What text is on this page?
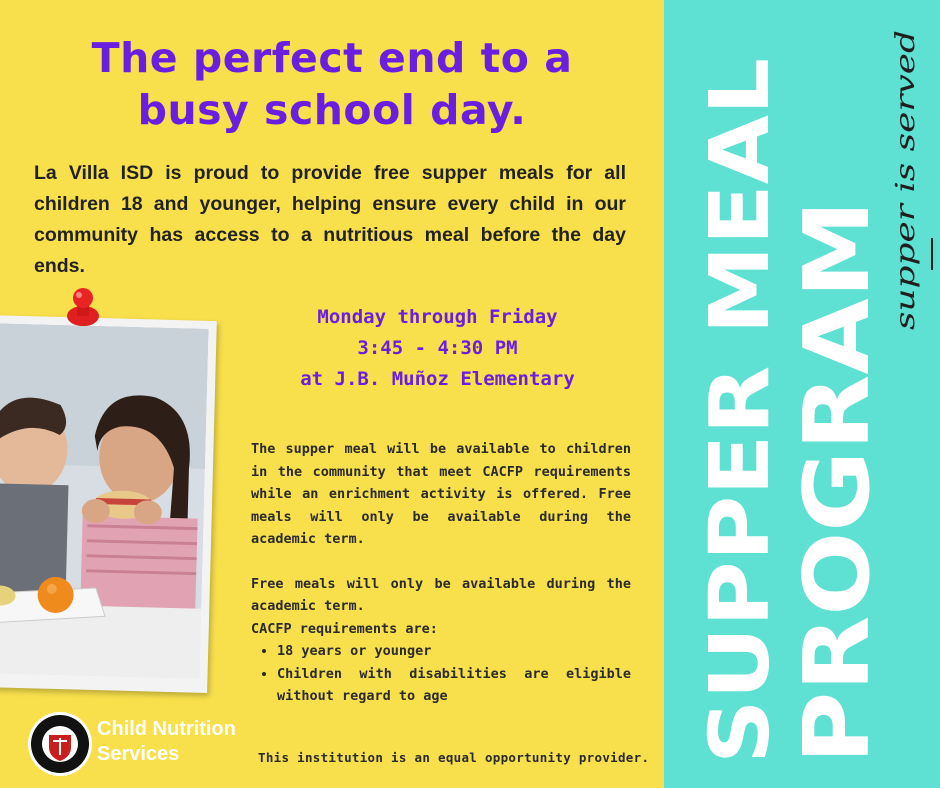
The perfect end to a
busy school day.
La Villa ISD is proud to provide free supper meals for all children 18 and younger, helping ensure every child in our community has access to a nutritious meal before the day ends.
Monday through Friday
3:45 - 4:30 PM
at J.B. Muñoz Elementary

The supper meal will be available to children in the community that meet CACFP requirements while an enrichment activity is offered. Free meals will only be available during the academic term.

Free meals will only be available during the academic term.

CACFP requirements are:

• 18 years or younger
• Children with disabilities are eligible without regard to age
Child Nutrition
Services	This institution is an equal opportunity provider. SUPPER MEAL
PROGRAM
supper is served
